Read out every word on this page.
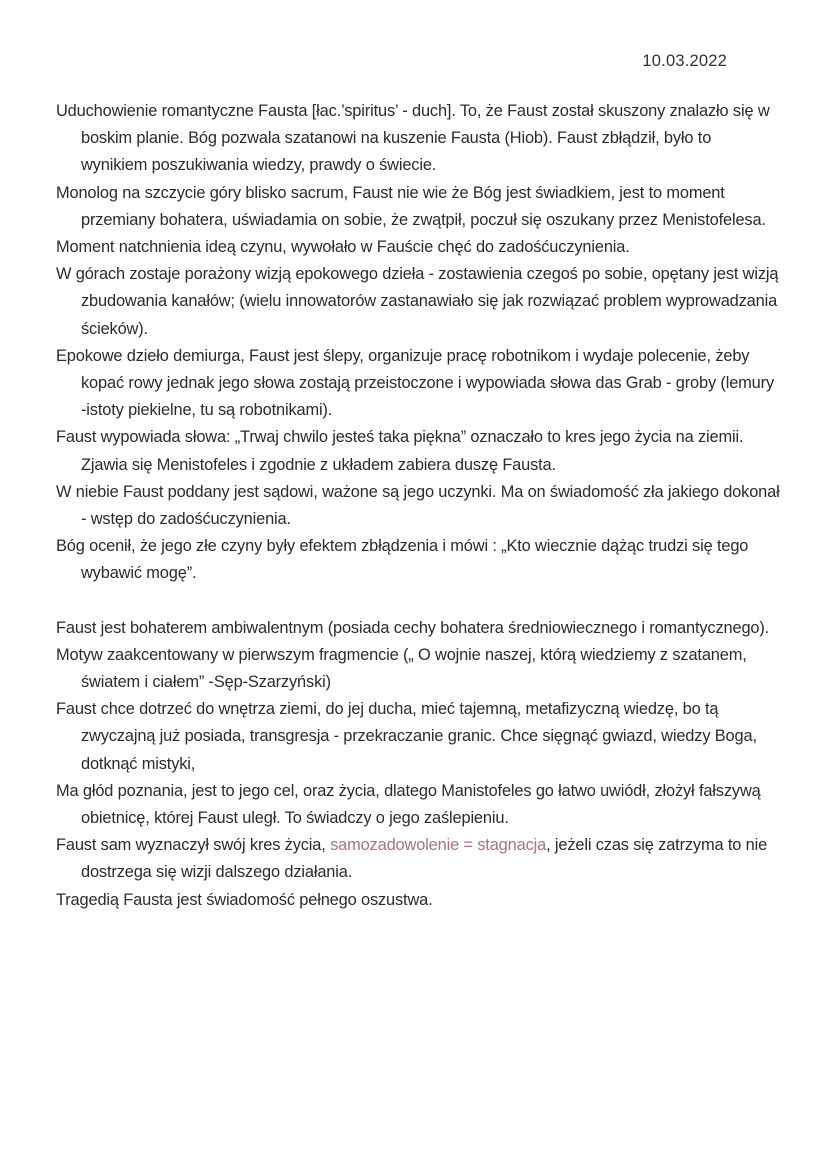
10.03.2022

Uduchowienie romantyczne Fausta [łac.’spiritus’ - duch]. To, że Faust został skuszony znalazło się w boskim planie. Bóg pozwala szatanowi na kuszenie Fausta (Hiob). Faust zbłądził, było to wynikiem poszukiwania wiedzy, prawdy o świecie.

Monolog na szczycie góry blisko sacrum, Faust nie wie że Bóg jest świadkiem, jest to moment przemiany bohatera, uświadamia on sobie, że zwątpił, poczuł się oszukany przez Menistofelesa.

Moment natchnienia ideą czynu, wywołało w Fauście chęć do zadośćuczynienia.

W górach zostaje porażony wizją epokowego dzieła - zostawienia czegoś po sobie, opętany jest wizją zbudowania kanałów; (wielu innowatorów zastanawiało się jak rozwiązać problem wyprowadzania ścieków).

Epokowe dzieło demiurga, Faust jest ślepy, organizuje pracę robotnikom i wydaje polecenie, żeby kopać rowy jednak jego słowa zostają przeistoczone i wypowiada słowa das Grab - groby (lemury -istoty piekielne, tu są robotnikami).

Faust wypowiada słowa: „Trwaj chwilo jesteś taka piękna” oznaczało to kres jego życia na ziemii. Zjawia się Menistofeles i zgodnie z układem zabiera duszę Fausta.

W niebie Faust poddany jest sądowi, ważone są jego uczynki. Ma on świadomość zła jakiego dokonał - wstęp do zadośćuczynienia.

Bóg ocenił, że jego złe czyny były efektem zbłądzenia i mówi : „Kto wiecznie dążąc trudzi się tego wybawić mogę”.

Faust jest bohaterem ambiwalentnym (posiada cechy bohatera średniowiecznego i romantycznego).

Motyw zaakcentowany w pierwszym fragmencie („ O wojnie naszej, którą wiedziemy z szatanem, światem i ciałem” -Sęp-Szarzyński)

Faust chce dotrzeć do wnętrza ziemi, do jej ducha, mieć tajemną, metafizyczną wiedzę, bo tą zwyczajną już posiada, transgresja - przekraczanie granic. Chce sięgnąć gwiazd, wiedzy Boga, dotknąć mistyki,

Ma głód poznania, jest to jego cel, oraz życia, dlatego Manistofeles go łatwo uwiódł, złożył fałszywą obietnicę, której Faust uległ. To świadczy o jego zaślepieniu.

Faust sam wyznaczył swój kres życia, samozadowolenie = stagnacja, jeżeli czas się zatrzyma to nie dostrzega się wizji dalszego działania.

Tragedią Fausta jest świadomość pełnego oszustwa.
